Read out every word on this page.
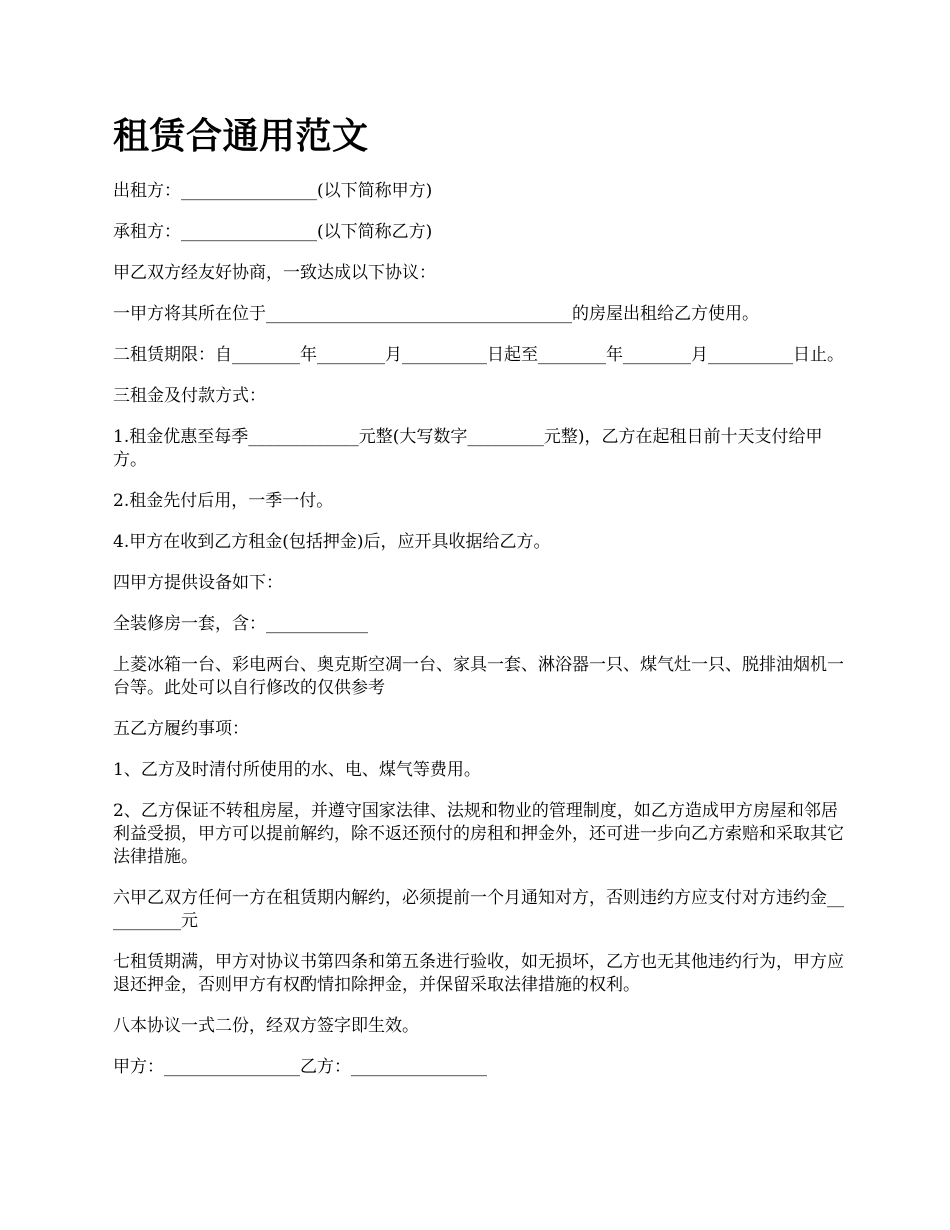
租赁合通用范文

出租方：________________(以下简称甲方)

承租方：________________(以下简称乙方)

甲乙双方经友好协商，一致达成以下协议：

一甲方将其所在位于____________________________________的房屋出租给乙方使用。

二租赁期限：自________年________月__________日起至________年________月__________日止。

三租金及付款方式：

1.租金优惠至每季_____________元整(大写数字_________元整)，乙方在起租日前十天支付给甲方。

2.租金先付后用，一季一付。

4.甲方在收到乙方租金(包括押金)后，应开具收据给乙方。

四甲方提供设备如下：

全装修房一套，含：____________

上菱冰箱一台、彩电两台、奥克斯空凋一台、家具一套、淋浴器一只、煤气灶一只、脱排油烟机一台等。此处可以自行修改的仅供参考

五乙方履约事项：

1、乙方及时清付所使用的水、电、煤气等费用。

2、乙方保证不转租房屋，并遵守国家法律、法规和物业的管理制度，如乙方造成甲方房屋和邻居利益受损，甲方可以提前解约，除不返还预付的房租和押金外，还可进一步向乙方索赔和采取其它法律措施。

六甲乙双方任何一方在租赁期内解约，必须提前一个月通知对方，否则违约方应支付对方违约金__________元

七租赁期满，甲方对协议书第四条和第五条进行验收，如无损坏，乙方也无其他违约行为，甲方应退还押金，否则甲方有权酌情扣除押金，并保留采取法律措施的权利。

八本协议一式二份，经双方签字即生效。

甲方：________________乙方：________________
